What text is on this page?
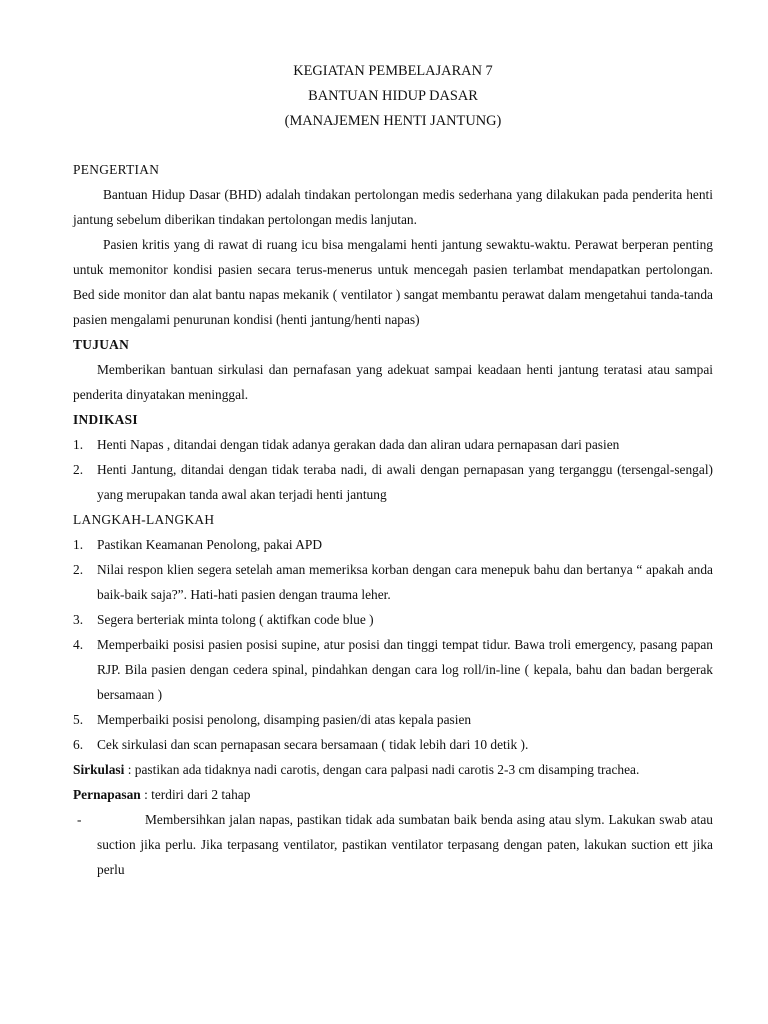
KEGIATAN PEMBELAJARAN 7
BANTUAN HIDUP DASAR
(MANAJEMEN HENTI JANTUNG)
PENGERTIAN

Bantuan Hidup Dasar (BHD) adalah tindakan pertolongan medis sederhana yang dilakukan pada penderita henti jantung sebelum diberikan tindakan pertolongan medis lanjutan.

Pasien kritis yang di rawat di ruang icu bisa mengalami henti jantung sewaktu-waktu. Perawat berperan penting untuk memonitor kondisi pasien secara terus-menerus untuk mencegah pasien terlambat mendapatkan pertolongan. Bed side monitor dan alat bantu napas mekanik ( ventilator ) sangat membantu perawat dalam mengetahui tanda-tanda pasien mengalami penurunan kondisi (henti jantung/henti napas)

TUJUAN

Memberikan bantuan sirkulasi dan pernafasan yang adekuat sampai keadaan henti jantung teratasi atau sampai penderita dinyatakan meninggal.

INDIKASI
1. Henti Napas , ditandai dengan tidak adanya gerakan dada dan aliran udara pernapasan dari pasien
2. Henti Jantung, ditandai dengan tidak teraba nadi, di awali dengan pernapasan yang terganggu (tersengal-sengal) yang merupakan tanda awal akan terjadi henti jantung
LANGKAH-LANGKAH
1. Pastikan Keamanan Penolong, pakai APD
2. Nilai respon klien segera setelah aman memeriksa korban dengan cara menepuk bahu dan bertanya “ apakah anda baik-baik saja?”. Hati-hati pasien dengan trauma leher.
3. Segera berteriak minta tolong ( aktifkan code blue )
4. Memperbaiki posisi pasien posisi supine, atur posisi dan tinggi tempat tidur. Bawa troli emergency, pasang papan RJP. Bila pasien dengan cedera spinal, pindahkan dengan cara log roll/in-line ( kepala, bahu dan badan bergerak bersamaan )
5. Memperbaiki posisi penolong, disamping pasien/di atas kepala pasien
6. Cek sirkulasi dan scan pernapasan secara bersamaan ( tidak lebih dari 10 detik ).
Sirkulasi : pastikan ada tidaknya nadi carotis, dengan cara palpasi nadi carotis 2-3 cm disamping trachea.
Pernapasan : terdiri dari 2 tahap
-	Membersihkan jalan napas, pastikan tidak ada sumbatan baik benda asing atau slym. Lakukan swab atau suction jika perlu. Jika terpasang ventilator, pastikan ventilator terpasang dengan paten, lakukan suction ett jika perlu
